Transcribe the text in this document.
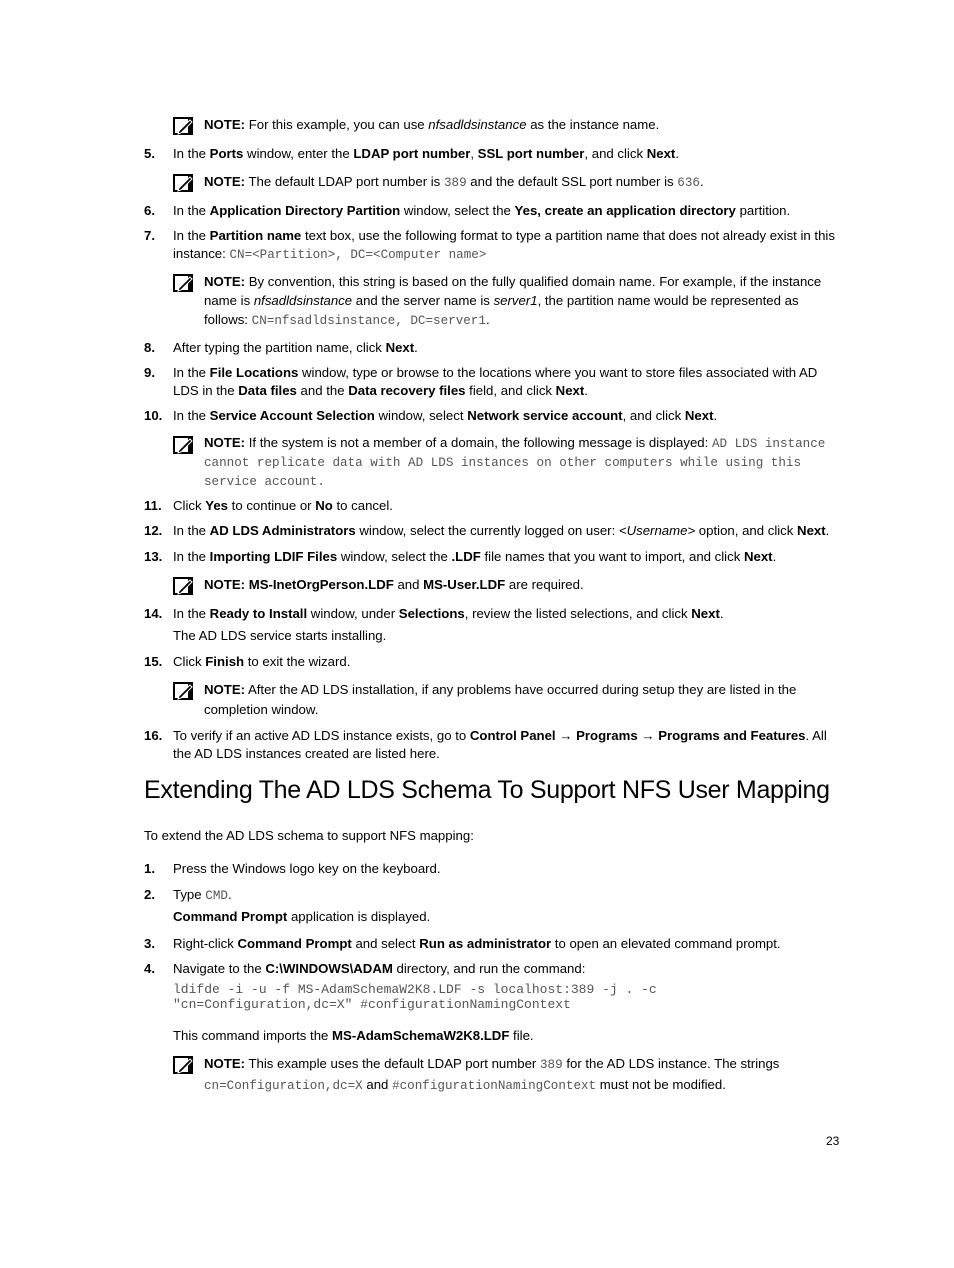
NOTE: For this example, you can use nfsadldsinstance as the instance name.
5. In the Ports window, enter the LDAP port number, SSL port number, and click Next.
NOTE: The default LDAP port number is 389 and the default SSL port number is 636.
6. In the Application Directory Partition window, select the Yes, create an application directory partition.
7. In the Partition name text box, use the following format to type a partition name that does not already exist in this instance: CN=<Partition>, DC=<Computer name>
NOTE: By convention, this string is based on the fully qualified domain name. For example, if the instance name is nfsadldsinstance and the server name is server1, the partition name would be represented as follows: CN=nfsadldsinstance, DC=server1.
8. After typing the partition name, click Next.
9. In the File Locations window, type or browse to the locations where you want to store files associated with AD LDS in the Data files and the Data recovery files field, and click Next.
10. In the Service Account Selection window, select Network service account, and click Next.
NOTE: If the system is not a member of a domain, the following message is displayed: AD LDS instance cannot replicate data with AD LDS instances on other computers while using this service account.
11. Click Yes to continue or No to cancel.
12. In the AD LDS Administrators window, select the currently logged on user: <Username> option, and click Next.
13. In the Importing LDIF Files window, select the .LDF file names that you want to import, and click Next.
NOTE: MS-InetOrgPerson.LDF and MS-User.LDF are required.
14. In the Ready to Install window, under Selections, review the listed selections, and click Next.
The AD LDS service starts installing.
15. Click Finish to exit the wizard.
NOTE: After the AD LDS installation, if any problems have occurred during setup they are listed in the completion window.
16. To verify if an active AD LDS instance exists, go to Control Panel → Programs → Programs and Features. All the AD LDS instances created are listed here.
Extending The AD LDS Schema To Support NFS User Mapping
To extend the AD LDS schema to support NFS mapping:
1. Press the Windows logo key on the keyboard.
2. Type CMD.
Command Prompt application is displayed.
3. Right-click Command Prompt and select Run as administrator to open an elevated command prompt.
4. Navigate to the C:\WINDOWS\ADAM directory, and run the command:
ldifde -i -u -f MS-AdamSchemaW2K8.LDF -s localhost:389 -j . -c
"cn=Configuration,dc=X" #configurationNamingContext
This command imports the MS-AdamSchemaW2K8.LDF file.
NOTE: This example uses the default LDAP port number 389 for the AD LDS instance. The strings cn=Configuration,dc=X and #configurationNamingContext must not be modified.
23
